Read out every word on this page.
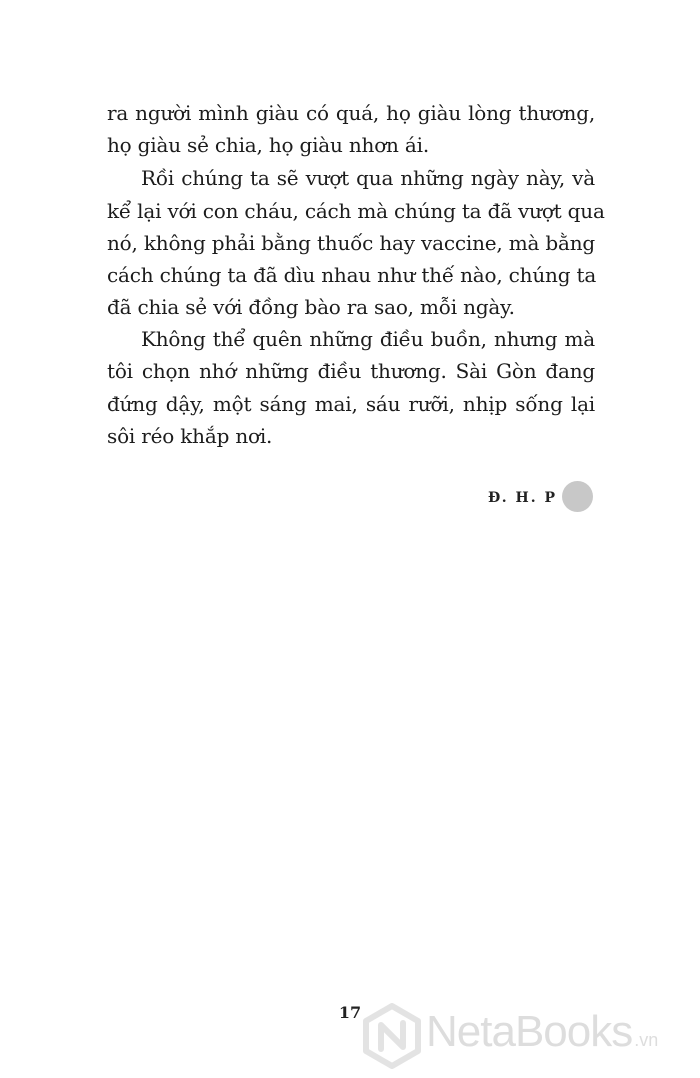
ra người mình giàu có quá, họ giàu lòng thương,
họ giàu sẻ chia, họ giàu nhơn ái.
Rồi chúng ta sẽ vượt qua những ngày này, và
kể lại với con cháu, cách mà chúng ta đã vượt qua
nó, không phải bằng thuốc hay vaccine, mà bằng
cách chúng ta đã dìu nhau như thế nào, chúng ta
đã chia sẻ với đồng bào ra sao, mỗi ngày.
Không thể quên những điều buồn, nhưng mà
tôi chọn nhớ những điều thương. Sài Gòn đang
đứng dậy, một sáng mai, sáu rưỡi, nhịp sống lại
sôi réo khắp nơi.
Đ. H. P
17	NetaBooks .vn
